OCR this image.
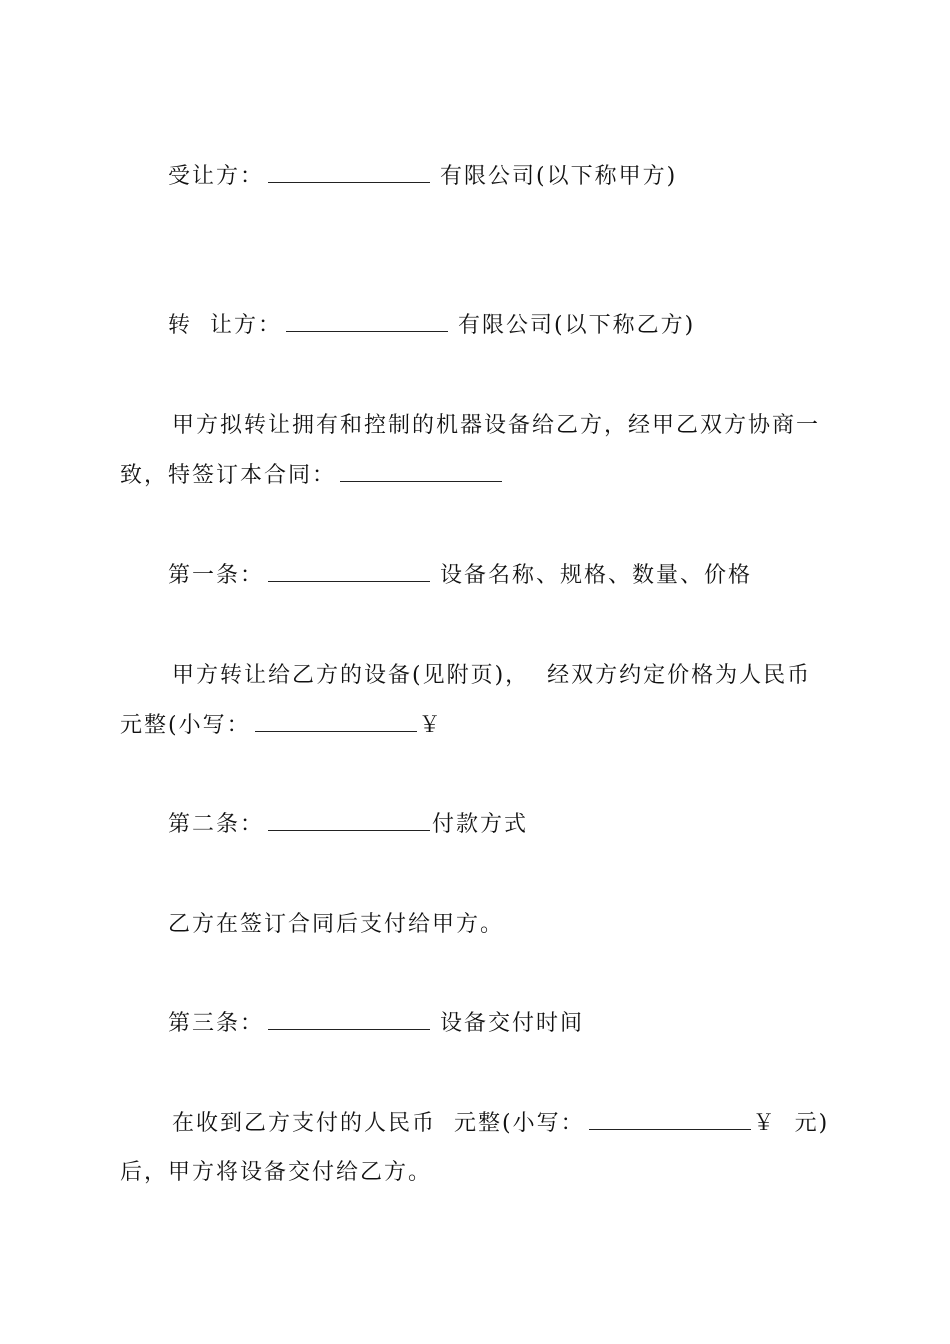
受让方：	有限公司(以下称甲方)
转  让方：	有限公司(以下称乙方)
甲方拟转让拥有和控制的机器设备给乙方，经甲乙双方协商一
致，特签订本合同：
第一条：	设备名称、规格、数量、价格
甲方转让给乙方的设备(见附页)，  经双方约定价格为人民币
元整(小写：	￥
第二条：	付款方式
乙方在签订合同后支付给甲方。
第三条：	设备交付时间
在收到乙方支付的人民币  元整(小写：	￥  元)
后，甲方将设备交付给乙方。
